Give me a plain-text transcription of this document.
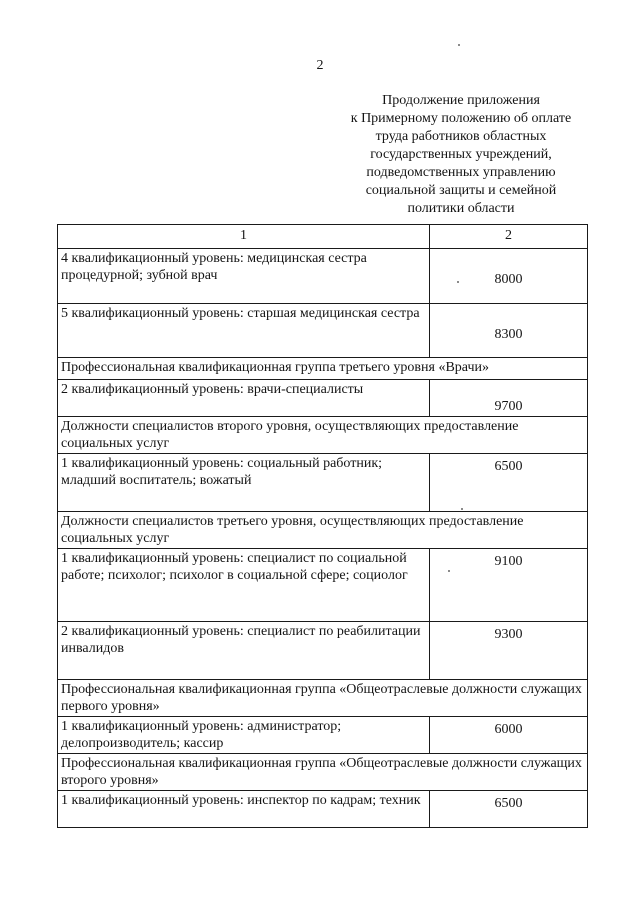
2
Продолжение приложения
к Примерному положению об оплате
труда работников областных
государственных учреждений,
подведомственных управлению
социальной защиты и семейной
политики области
1	2
4 квалификационный уровень: медицинская сестра процедурной; зубной врач	8000
5 квалификационный уровень: старшая медицинская сестра	8300
Профессиональная квалификационная группа третьего уровня «Врачи»	
2 квалификационный уровень: врачи-специалисты	9700
Должности специалистов второго уровня, осуществляющих предоставление социальных услуг	
1 квалификационный уровень: социальный работник; младший воспитатель; вожатый	6500
Должности специалистов третьего уровня, осуществляющих предоставление социальных услуг	
1 квалификационный уровень: специалист по социальной работе; психолог; психолог в социальной сфере; социолог	9100
2 квалификационный уровень: специалист по реабилитации инвалидов	9300
Профессиональная квалификационная группа «Общеотраслевые должности служащих первого уровня»	
1 квалификационный уровень: администратор; делопроизводитель; кассир	6000
Профессиональная квалификационная группа «Общеотраслевые должности служащих второго уровня»	
1 квалификационный уровень: инспектор по кадрам; техник	6500
